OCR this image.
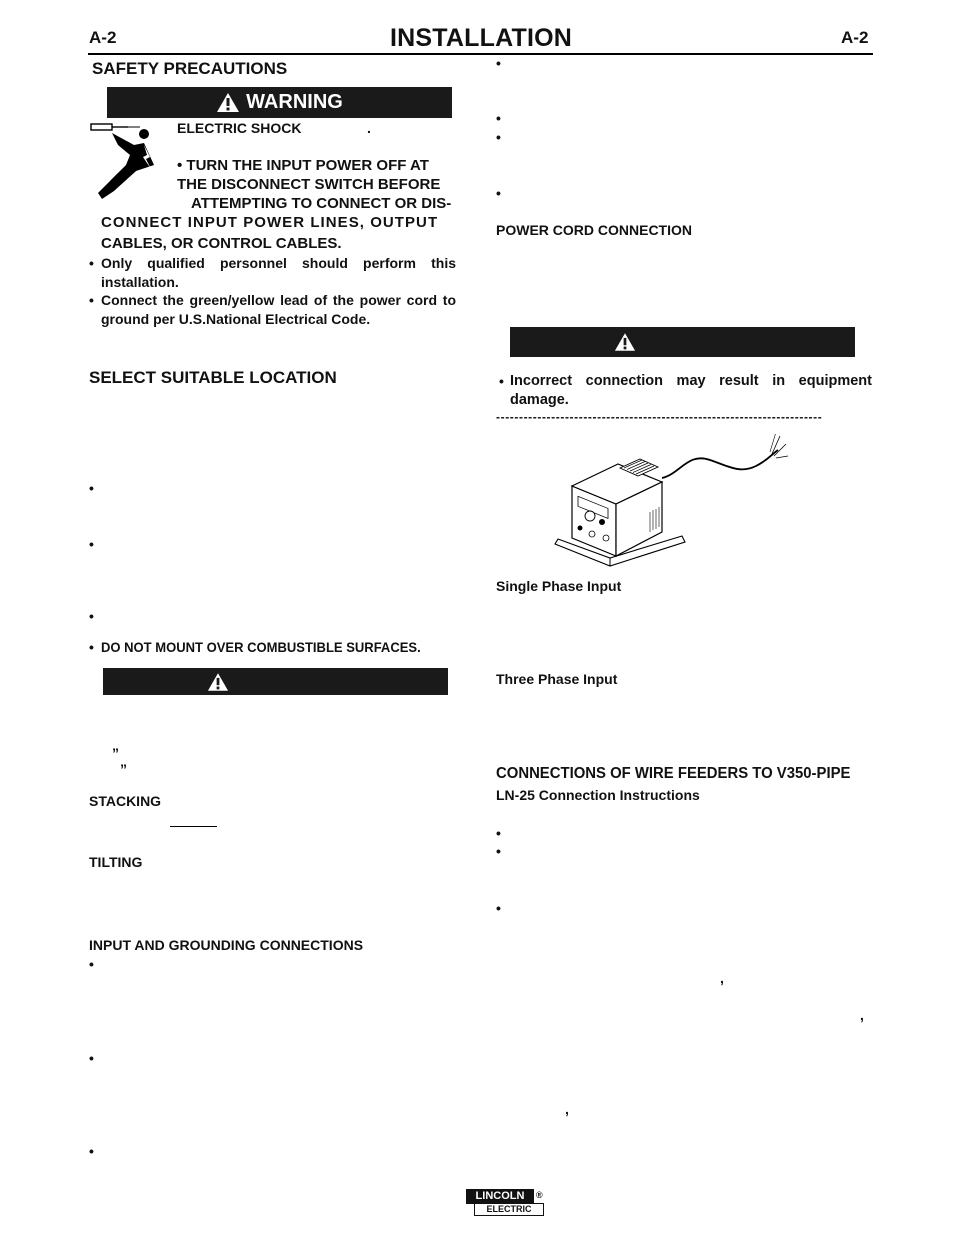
A-2	INSTALLATION	A-2
SAFETY PRECAUTIONS
WARNING
ELECTRIC SHOCK	.
• TURN THE INPUT POWER OFF AT
THE DISCONNECT SWITCH BEFORE
ATTEMPTING TO CONNECT OR DIS-
CONNECT INPUT POWER LINES, OUTPUT
CABLES, OR CONTROL CABLES.
• Only qualified personnel should perform this installation.
• Connect the green/yellow lead of the power cord to ground per U.S.National Electrical Code.
SELECT SUITABLE LOCATION
•
•
•
• DO NOT MOUNT OVER COMBUSTIBLE SURFACES.
”
”
STACKING
TILTING
INPUT AND GROUNDING CONNECTIONS
•
•
•
•
•
•
•
POWER CORD CONNECTION
• Incorrect connection may result in equipment damage.
-----------------------------------------------------------------------
Single Phase Input
Three Phase Input
CONNECTIONS OF WIRE FEEDERS TO V350-PIPE
LN-25 Connection Instructions
•
•
•
,
,
,
LINCOLN	®
ELECTRIC
